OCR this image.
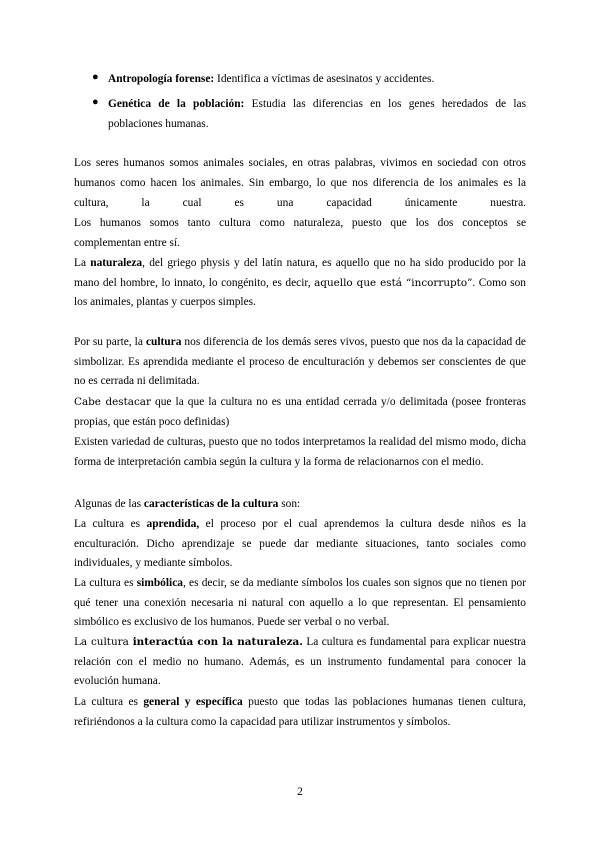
● Antropología forense: Identifica a víctimas de asesinatos y accidentes.
● Genética de la población: Estudia las diferencias en los genes heredados de las poblaciones humanas.
Los seres humanos somos animales sociales, en otras palabras, vivimos en sociedad con otros
humanos como hacen los animales. Sin embargo, lo que nos diferencia de los animales es la
cultura, la cual es una capacidad únicamente nuestra.
Los humanos somos tanto cultura como naturaleza, puesto que los dos conceptos se
complementan entre sí.
La naturaleza, del griego physis y del latín natura, es aquello que no ha sido producido por la mano del hombre, lo innato, lo congénito, es decir, aquello que está “incorrupto”. Como son los animales, plantas y cuerpos simples.
Por su parte, la cultura nos diferencia de los demás seres vivos, puesto que nos da la capacidad de simbolizar. Es aprendida mediante el proceso de enculturación y debemos ser conscientes de que no es cerrada ni delimitada.
Cabe destacar que la que la cultura no es una entidad cerrada y/o delimitada (posee fronteras propias, que están poco definidas)
Existen variedad de culturas, puesto que no todos interpretamos la realidad del mismo modo, dicha forma de interpretación cambia según la cultura y la forma de relacionarnos con el medio.
Algunas de las características de la cultura son:
La cultura es aprendida, el proceso por el cual aprendemos la cultura desde niños es la enculturación. Dicho aprendizaje se puede dar mediante situaciones, tanto sociales como individuales, y mediante símbolos.
La cultura es simbólica, es decir, se da mediante símbolos los cuales son signos que no tienen por qué tener una conexión necesaria ni natural con aquello a lo que representan. El pensamiento simbólico es exclusivo de los humanos. Puede ser verbal o no verbal.
La cultura interactúa con la naturaleza. La cultura es fundamental para explicar nuestra relación con el medio no humano. Además, es un instrumento fundamental para conocer la evolución humana.
La cultura es general y específica puesto que todas las poblaciones humanas tienen cultura, refiriéndonos a la cultura como la capacidad para utilizar instrumentos y símbolos.
2
